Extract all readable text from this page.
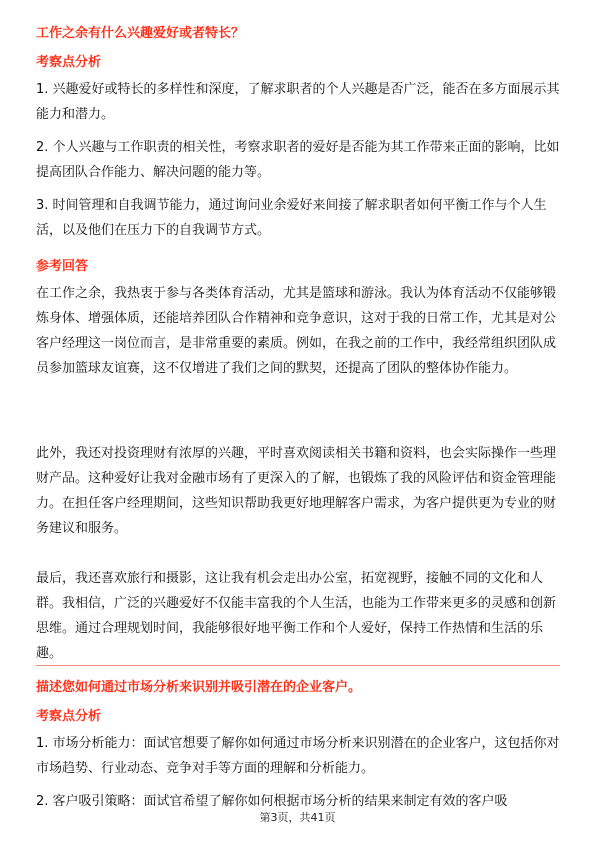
工作之余有什么兴趣爱好或者特长？
考察点分析

1. 兴趣爱好或特长的多样性和深度，了解求职者的个人兴趣是否广泛，能否在多方面展示其能力和潜力。

2. 个人兴趣与工作职责的相关性，考察求职者的爱好是否能为其工作带来正面的影响，比如提高团队合作能力、解决问题的能力等。

3. 时间管理和自我调节能力，通过询问业余爱好来间接了解求职者如何平衡工作与个人生活，以及他们在压力下的自我调节方式。

参考回答

在工作之余，我热衷于参与各类体育活动，尤其是篮球和游泳。我认为体育活动不仅能够锻炼身体、增强体质，还能培养团队合作精神和竞争意识，这对于我的日常工作，尤其是对公客户经理这一岗位而言，是非常重要的素质。例如，在我之前的工作中，我经常组织团队成员参加篮球友谊赛，这不仅增进了我们之间的默契，还提高了团队的整体协作能力。

此外，我还对投资理财有浓厚的兴趣，平时喜欢阅读相关书籍和资料，也会实际操作一些理财产品。这种爱好让我对金融市场有了更深入的了解，也锻炼了我的风险评估和资金管理能力。在担任客户经理期间，这些知识帮助我更好地理解客户需求，为客户提供更为专业的财务建议和服务。

最后，我还喜欢旅行和摄影，这让我有机会走出办公室，拓宽视野，接触不同的文化和人群。我相信，广泛的兴趣爱好不仅能丰富我的个人生活，也能为工作带来更多的灵感和创新思维。通过合理规划时间，我能够很好地平衡工作和个人爱好，保持工作热情和生活的乐趣。

描述您如何通过市场分析来识别并吸引潜在的企业客户。
考察点分析

1. 市场分析能力：面试官想要了解你如何通过市场分析来识别潜在的企业客户，这包括你对市场趋势、行业动态、竞争对手等方面的理解和分析能力。

2. 客户吸引策略：面试官希望了解你如何根据市场分析的结果来制定有效的客户吸

第3页，共41页
